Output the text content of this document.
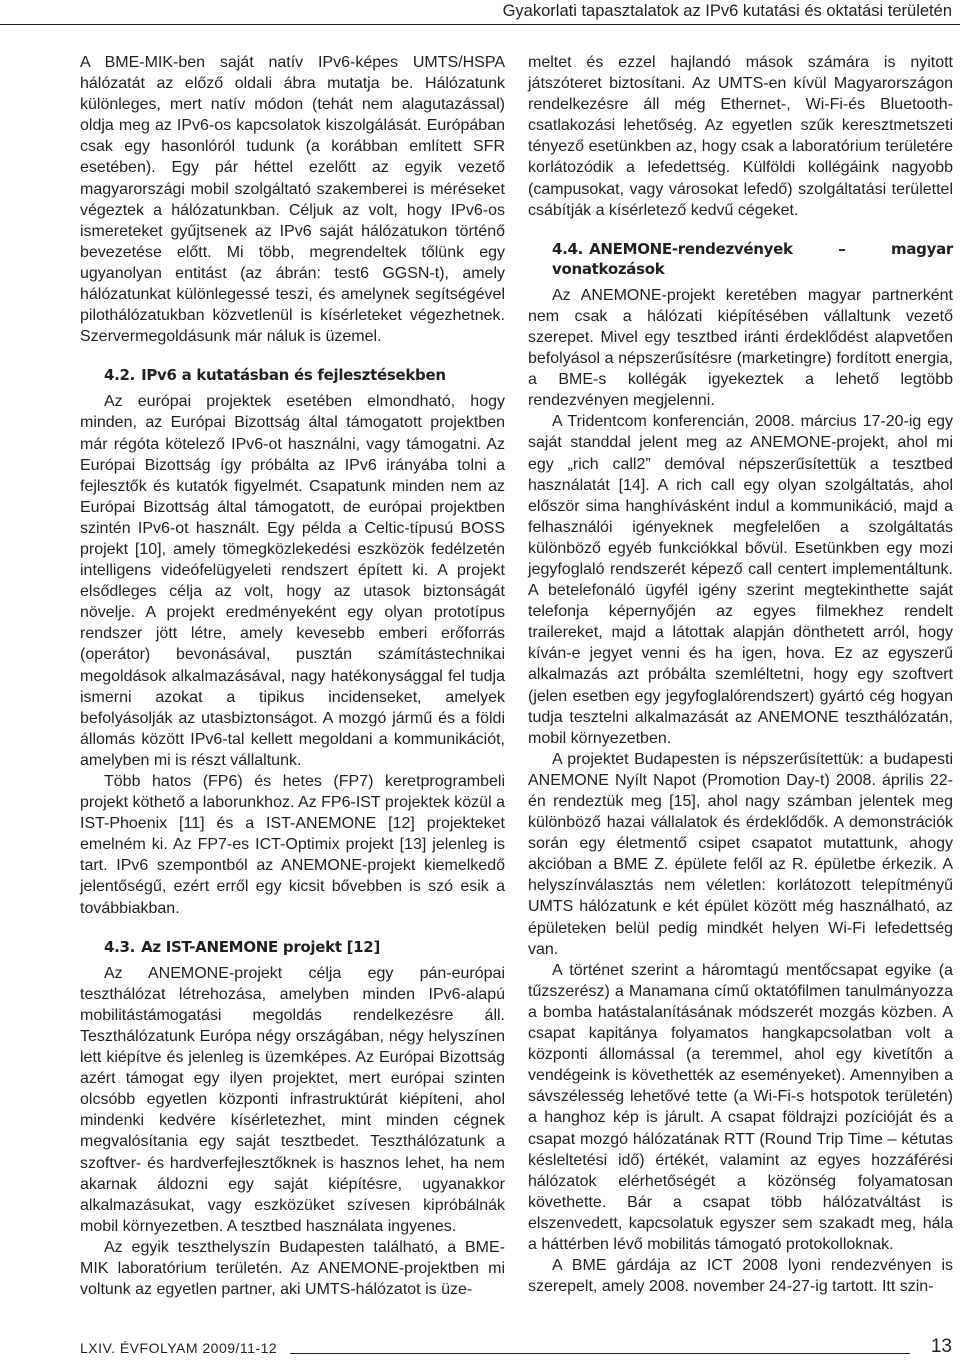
Gyakorlati tapasztalatok az IPv6 kutatási és oktatási területén

A BME-MIK-ben saját natív IPv6-képes UMTS/HSPA hálózatát az előző oldali ábra mutatja be. Hálózatunk különleges, mert natív módon (tehát nem alagutazással) oldja meg az IPv6-os kapcsolatok kiszolgálását. Európában csak egy hasonlóról tudunk (a korábban említett SFR esetében). Egy pár héttel ezelőtt az egyik vezető magyarországi mobil szolgáltató szakemberei is méréseket végeztek a hálózatunkban. Céljuk az volt, hogy IPv6-os ismereteket gyűjtsenek az IPv6 saját hálózatukon történő bevezetése előtt. Mi több, megrendeltek tőlünk egy ugyanolyan entitást (az ábrán: test6 GGSN-t), amely hálózatunkat különlegessé teszi, és amelynek segítségével pilothálózatukban közvetlenül is kísérleteket végezhetnek. Szervermegoldásunk már náluk is üzemel.

4.2. IPv6 a kutatásban és fejlesztésekben

Az európai projektek esetében elmondható, hogy minden, az Európai Bizottság által támogatott projektben már régóta kötelező IPv6-ot használni, vagy támogatni. Az Európai Bizottság így próbálta az IPv6 irányába tolni a fejlesztők és kutatók figyelmét. Csapatunk minden nem az Európai Bizottság által támogatott, de európai projektben szintén IPv6-ot használt. Egy példa a Celtic-típusú BOSS projekt [10], amely tömegközlekedési eszközök fedélzetén intelligens videófelügyeleti rendszert épített ki. A projekt elsődleges célja az volt, hogy az utasok biztonságát növelje. A projekt eredményeként egy olyan prototípus rendszer jött létre, amely kevesebb emberi erőforrás (operátor) bevonásával, pusztán számítástechnikai megoldások alkalmazásával, nagy hatékonysággal fel tudja ismerni azokat a tipikus incidenseket, amelyek befolyásolják az utasbiztonságot. A mozgó jármű és a földi állomás között IPv6-tal kellett megoldani a kommunikációt, amelyben mi is részt vállaltunk.

Több hatos (FP6) és hetes (FP7) keretprogrambeli projekt köthető a laborunkhoz. Az FP6-IST projektek közül a IST-Phoenix [11] és a IST-ANEMONE [12] projekteket emelném ki. Az FP7-es ICT-Optimix projekt [13] jelenleg is tart. IPv6 szempontból az ANEMONE-projekt kiemelkedő jelentőségű, ezért erről egy kicsit bővebben is szó esik a továbbiakban.

4.3. Az IST-ANEMONE projekt [12]

Az ANEMONE-projekt célja egy pán-európai teszthálózat létrehozása, amelyben minden IPv6-alapú mobilitástámogatási megoldás rendelkezésre áll. Teszthálózatunk Európa négy országában, négy helyszínen lett kiépítve és jelenleg is üzemképes. Az Európai Bizottság azért támogat egy ilyen projektet, mert európai szinten olcsóbb egyetlen központi infrastruktúrát kiépíteni, ahol mindenki kedvére kísérletezhet, mint minden cégnek megvalósítania egy saját tesztbedet. Teszthálózatunk a szoftver- és hardverfejlesztőknek is hasznos lehet, ha nem akarnak áldozni egy saját kiépítésre, ugyanakkor alkalmazásukat, vagy eszközüket szívesen kipróbálnák mobil környezetben. A tesztbed használata ingyenes.

Az egyik teszthelyszín Budapesten található, a BME-MIK laboratórium területén. Az ANEMONE-projektben mi voltunk az egyetlen partner, aki UMTS-hálózatot is üze-

meltet és ezzel hajlandó mások számára is nyitott játszóteret biztosítani. Az UMTS-en kívül Magyarországon rendelkezésre áll még Ethernet-, Wi-Fi-és Bluetooth-csatlakozási lehetőség. Az egyetlen szűk keresztmetszeti tényező esetünkben az, hogy csak a laboratórium területére korlátozódik a lefedettség. Külföldi kollégáink nagyobb (campusokat, vagy városokat lefedő) szolgáltatási területtel csábítják a kísérletező kedvű cégeket.

4.4. ANEMONE-rendezvények – magyar vonatkozások

Az ANEMONE-projekt keretében magyar partnerként nem csak a hálózati kiépítésében vállaltunk vezető szerepet. Mivel egy tesztbed iránti érdeklődést alapvetően befolyásol a népszerűsítésre (marketingre) fordított energia, a BME-s kollégák igyekeztek a lehető legtöbb rendezvényen megjelenni.

A Tridentcom konferencián, 2008. március 17-20-ig egy saját standdal jelent meg az ANEMONE-projekt, ahol mi egy „rich call2” demóval népszerűsítettük a tesztbed használatát [14]. A rich call egy olyan szolgáltatás, ahol először sima hanghívásként indul a kommunikáció, majd a felhasználói igényeknek megfelelően a szolgáltatás különböző egyéb funkciókkal bővül. Esetünkben egy mozi jegyfoglaló rendszerét képező call centert implementáltunk. A betelefonáló ügyfél igény szerint megtekinthette saját telefonja képernyőjén az egyes filmekhez rendelt trailereket, majd a látottak alapján dönthetett arról, hogy kíván-e jegyet venni és ha igen, hova. Ez az egyszerű alkalmazás azt próbálta szemléltetni, hogy egy szoftvert (jelen esetben egy jegyfoglalórendszert) gyártó cég hogyan tudja tesztelni alkalmazását az ANEMONE teszthálózatán, mobil környezetben.

A projektet Budapesten is népszerűsítettük: a budapesti ANEMONE Nyílt Napot (Promotion Day-t) 2008. április 22-én rendeztük meg [15], ahol nagy számban jelentek meg különböző hazai vállalatok és érdeklődők. A demonstrációk során egy életmentő csipet csapatot mutattunk, ahogy akcióban a BME Z. épülete felől az R. épületbe érkezik. A helyszínválasztás nem véletlen: korlátozott telepítményű UMTS hálózatunk e két épület között még használható, az épületeken belül pedig mindkét helyen Wi-Fi lefedettség van.

A történet szerint a háromtagú mentőcsapat egyike (a tűzszerész) a Manamana című oktatófilmen tanulmányozza a bomba hatástalanításának módszerét mozgás közben. A csapat kapitánya folyamatos hangkapcsolatban volt a központi állomással (a teremmel, ahol egy kivetítőn a vendégeink is követhették az eseményeket). Amennyiben a sávszélesség lehetővé tette (a Wi-Fi-s hotspotok területén) a hanghoz kép is járult. A csapat földrajzi pozícióját és a csapat mozgó hálózatának RTT (Round Trip Time – kétutas késleltetési idő) értékét, valamint az egyes hozzáférési hálózatok elérhetőségét a közönség folyamatosan követhette. Bár a csapat több hálózatváltást is elszenvedett, kapcsolatuk egyszer sem szakadt meg, hála a háttérben lévő mobilitás támogató protokolloknak.

A BME gárdája az ICT 2008 lyoni rendezvényen is szerepelt, amely 2008. november 24-27-ig tartott. Itt szin-

LXIV. ÉVFOLYAM 2009/11-12	13
